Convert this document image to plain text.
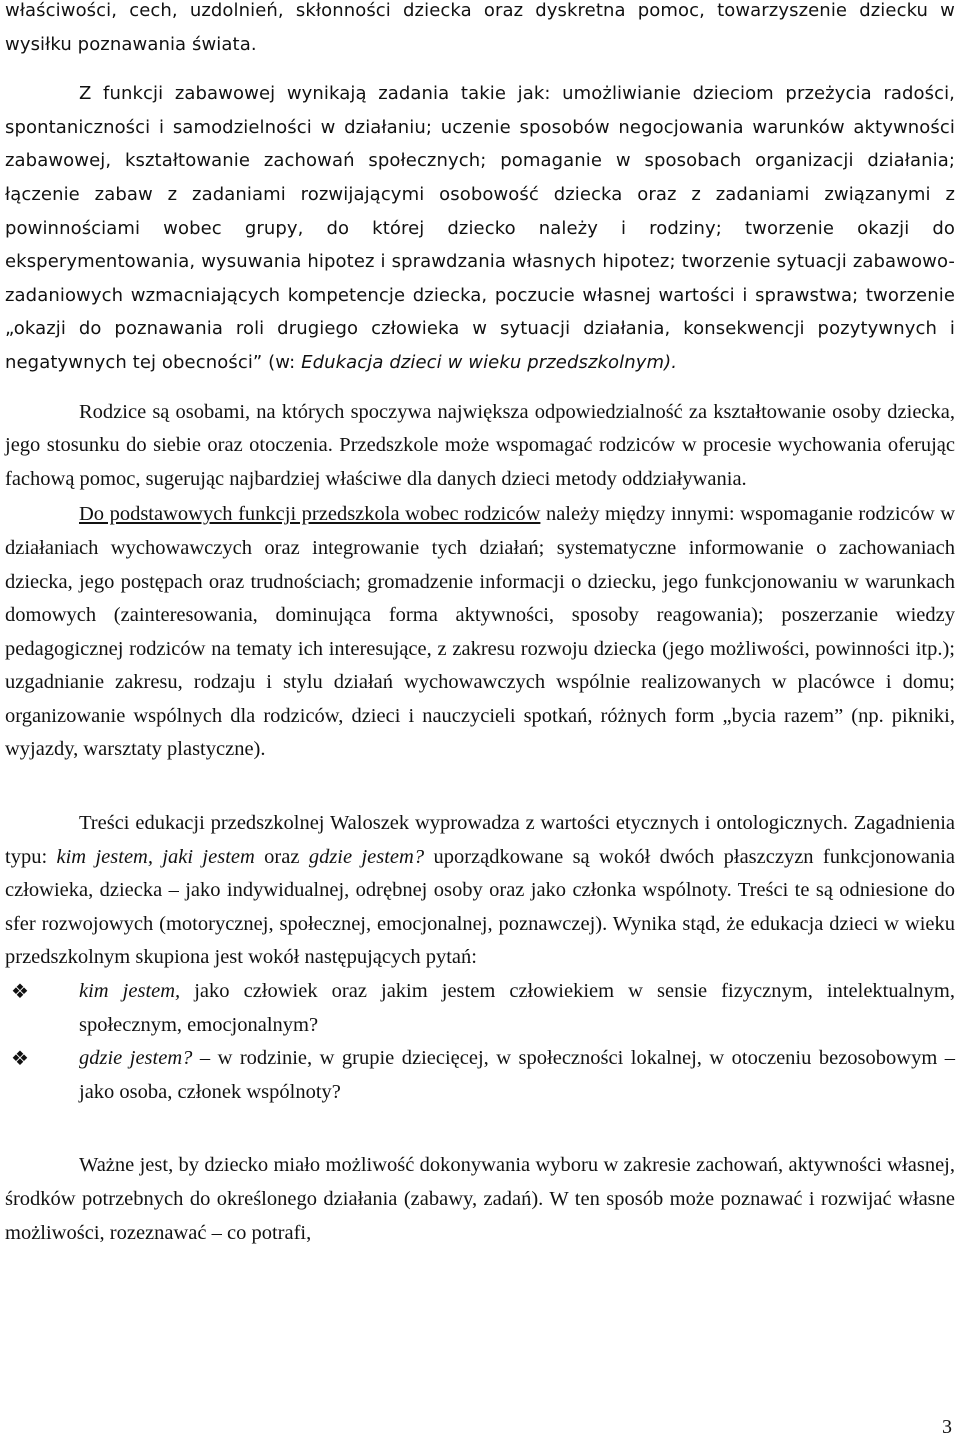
właściwości, cech, uzdolnień, skłonności dziecka oraz dyskretna pomoc, towarzyszenie dziecku w wysiłku poznawania świata.

Z funkcji zabawowej wynikają zadania takie jak: umożliwianie dzieciom przeżycia radości, spontaniczności i samodzielności w działaniu; uczenie sposobów negocjowania warunków aktywności zabawowej, kształtowanie zachowań społecznych; pomaganie w sposobach organizacji działania; łączenie zabaw z zadaniami rozwijającymi osobowość dziecka oraz z zadaniami związanymi z powinnościami wobec grupy, do której dziecko należy i rodziny; tworzenie okazji do eksperymentowania, wysuwania hipotez i sprawdzania własnych hipotez; tworzenie sytuacji zabawowo-zadaniowych wzmacniających kompetencje dziecka, poczucie własnej wartości i sprawstwa; tworzenie „okazji do poznawania roli drugiego człowieka w sytuacji działania, konsekwencji pozytywnych i negatywnych tej obecności” (w: Edukacja dzieci w wieku przedszkolnym).

Rodzice są osobami, na których spoczywa największa odpowiedzialność za kształtowanie osoby dziecka, jego stosunku do siebie oraz otoczenia. Przedszkole może wspomagać rodziców w procesie wychowania oferując fachową pomoc, sugerując najbardziej właściwe dla danych dzieci metody oddziaływania.

Do podstawowych funkcji przedszkola wobec rodziców należy między innymi: wspomaganie rodziców w działaniach wychowawczych oraz integrowanie tych działań; systematyczne informowanie o zachowaniach dziecka, jego postępach oraz trudnościach; gromadzenie informacji o dziecku, jego funkcjonowaniu w warunkach domowych (zainteresowania, dominująca forma aktywności, sposoby reagowania); poszerzanie wiedzy pedagogicznej rodziców na tematy ich interesujące, z zakresu rozwoju dziecka (jego możliwości, powinności itp.); uzgadnianie zakresu, rodzaju i stylu działań wychowawczych wspólnie realizowanych w placówce i domu; organizowanie wspólnych dla rodziców, dzieci i nauczycieli spotkań, różnych form „bycia razem” (np. pikniki, wyjazdy, warsztaty plastyczne).

Treści edukacji przedszkolnej Waloszek wyprowadza z wartości etycznych i ontologicznych. Zagadnienia typu: kim jestem, jaki jestem oraz gdzie jestem? uporządkowane są wokół dwóch płaszczyzn funkcjonowania człowieka, dziecka – jako indywidualnej, odrębnej osoby oraz jako członka wspólnoty. Treści te są odniesione do sfer rozwojowych (motorycznej, społecznej, emocjonalnej, poznawczej). Wynika stąd, że edukacja dzieci w wieku przedszkolnym skupiona jest wokół następujących pytań:

❖ kim jestem, jako człowiek oraz jakim jestem człowiekiem w sensie fizycznym, intelektualnym, społecznym, emocjonalnym?
❖ gdzie jestem? – w rodzinie, w grupie dziecięcej, w społeczności lokalnej, w otoczeniu bezosobowym – jako osoba, członek wspólnoty?

Ważne jest, by dziecko miało możliwość dokonywania wyboru w zakresie zachowań, aktywności własnej, środków potrzebnych do określonego działania (zabawy, zadań). W ten sposób może poznawać i rozwijać własne możliwości, rozeznawać – co potrafi,

3
